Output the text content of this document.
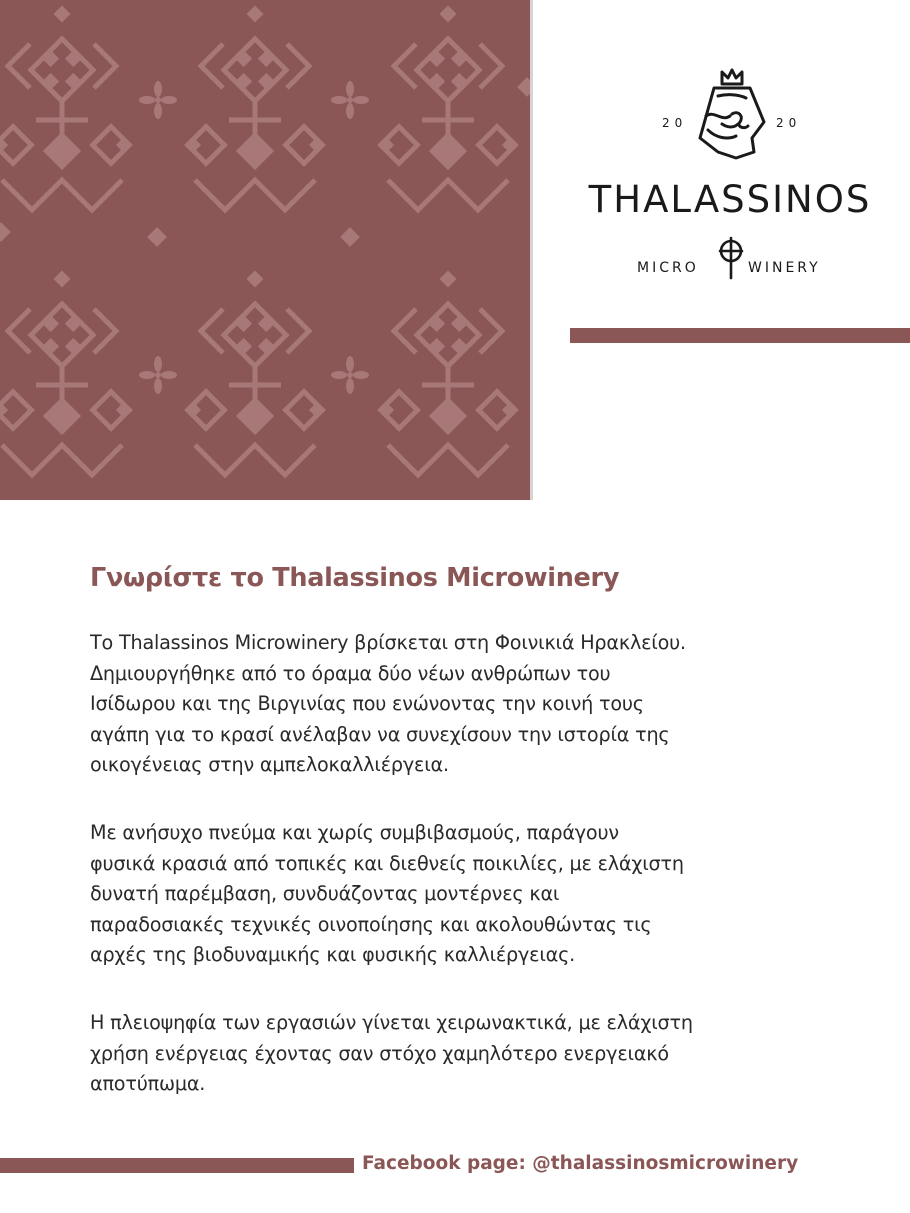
20	20
THALASSINOS
MICRO	WINERY
Γνωρίστε το Thalassinos Microwinery

Το Thalassinos Microwinery βρίσκεται στη Φοινικιά Ηρακλείου.
Δημιουργήθηκε από το όραμα δύο νέων ανθρώπων του
Ισίδωρου και της Βιργινίας που ενώνοντας την κοινή τους
αγάπη για το κρασί ανέλαβαν να συνεχίσουν την ιστορία της
οικογένειας στην αμπελοκαλλιέργεια.

Με ανήσυχο πνεύμα και χωρίς συμβιβασμούς, παράγουν
φυσικά κρασιά από τοπικές και διεθνείς ποικιλίες, με ελάχιστη
δυνατή παρέμβαση, συνδυάζοντας μοντέρνες και
παραδοσιακές τεχνικές οινοποίησης και ακολουθώντας τις
αρχές της βιοδυναμικής και φυσικής καλλιέργειας.

Η πλειοψηφία των εργασιών γίνεται χειρωνακτικά, με ελάχιστη
χρήση ενέργειας έχοντας σαν στόχο χαμηλότερο ενεργειακό
αποτύπωμα.

Facebook page: @thalassinosmicrowinery
